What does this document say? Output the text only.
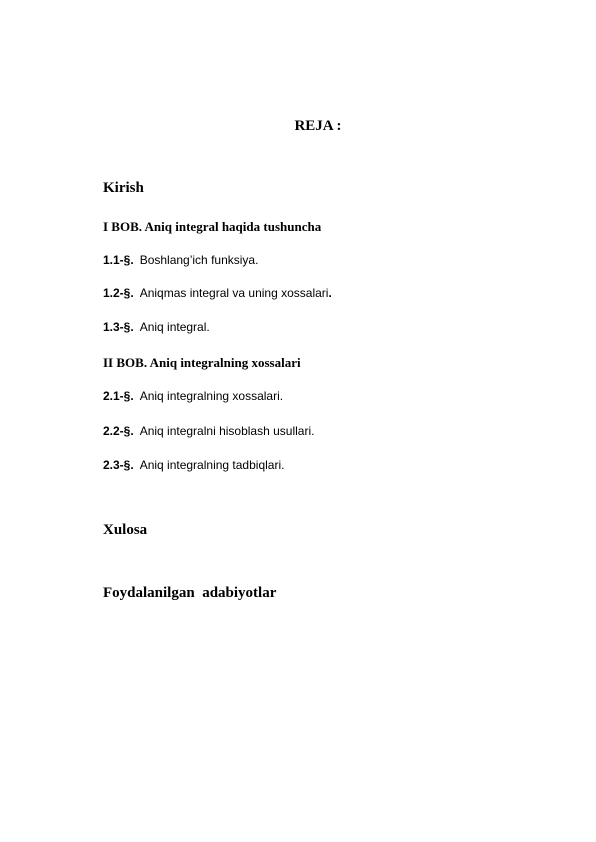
REJA :
Kirish
I BOB. Aniq integral haqida tushuncha
1.1-§. Boshlang’ich funksiya.
1.2-§. Aniqmas integral va uning xossalari.
1.3-§. Aniq integral.
II BOB. Aniq integralning xossalari
2.1-§. Aniq integralning xossalari.
2.2-§. Aniq integralni hisoblash usullari.
2.3-§. Aniq integralning tadbiqlari.
Xulosa
Foydalanilgan  adabiyotlar
